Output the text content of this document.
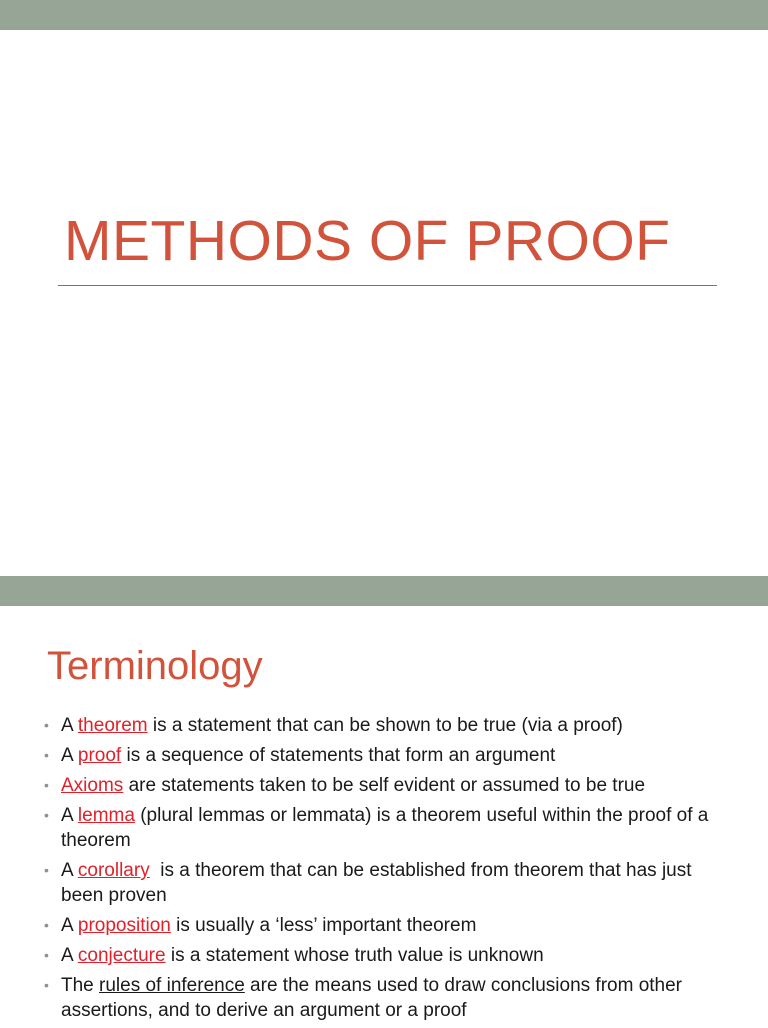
METHODS OF PROOF
Terminology
• A theorem is a statement that can be shown to be true (via a proof)
• A proof is a sequence of statements that form an argument
• Axioms are statements taken to be self evident or assumed to be true
• A lemma (plural lemmas or lemmata) is a theorem useful within the proof of a theorem
• A corollary  is a theorem that can be established from theorem that has just been proven
• A proposition is usually a ‘less’ important theorem
• A conjecture is a statement whose truth value is unknown
• The rules of inference are the means used to draw conclusions from other assertions, and to derive an argument or a proof
